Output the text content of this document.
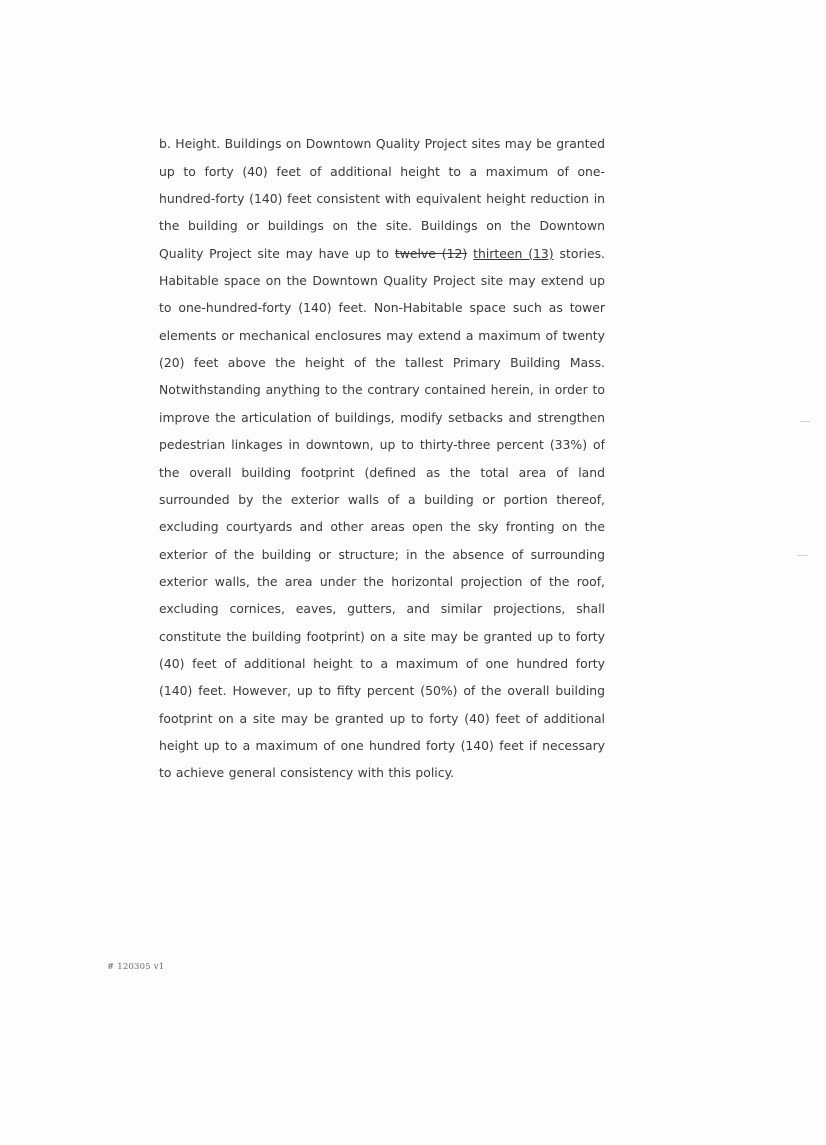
b. Height. Buildings on Downtown Quality Project sites may be granted up to forty (40) feet of additional height to a maximum of one-hundred-forty (140) feet consistent with equivalent height reduction in the building or buildings on the site. Buildings on the Downtown Quality Project site may have up to twelve (12) thirteen (13) stories. Habitable space on the Downtown Quality Project site may extend up to one-hundred-forty (140) feet. Non-Habitable space such as tower elements or mechanical enclosures may extend a maximum of twenty (20) feet above the height of the tallest Primary Building Mass. Notwithstanding anything to the contrary contained herein, in order to improve the articulation of buildings, modify setbacks and strengthen pedestrian linkages in downtown, up to thirty-three percent (33%) of the overall building footprint (defined as the total area of land surrounded by the exterior walls of a building or portion thereof, excluding courtyards and other areas open the sky fronting on the exterior of the building or structure; in the absence of surrounding exterior walls, the area under the horizontal projection of the roof, excluding cornices, eaves, gutters, and similar projections, shall constitute the building footprint) on a site may be granted up to forty (40) feet of additional height to a maximum of one hundred forty (140) feet. However, up to fifty percent (50%) of the overall building footprint on a site may be granted up to forty (40) feet of additional height up to a maximum of one hundred forty (140) feet if necessary to achieve general consistency with this policy.

# 120305 v1
